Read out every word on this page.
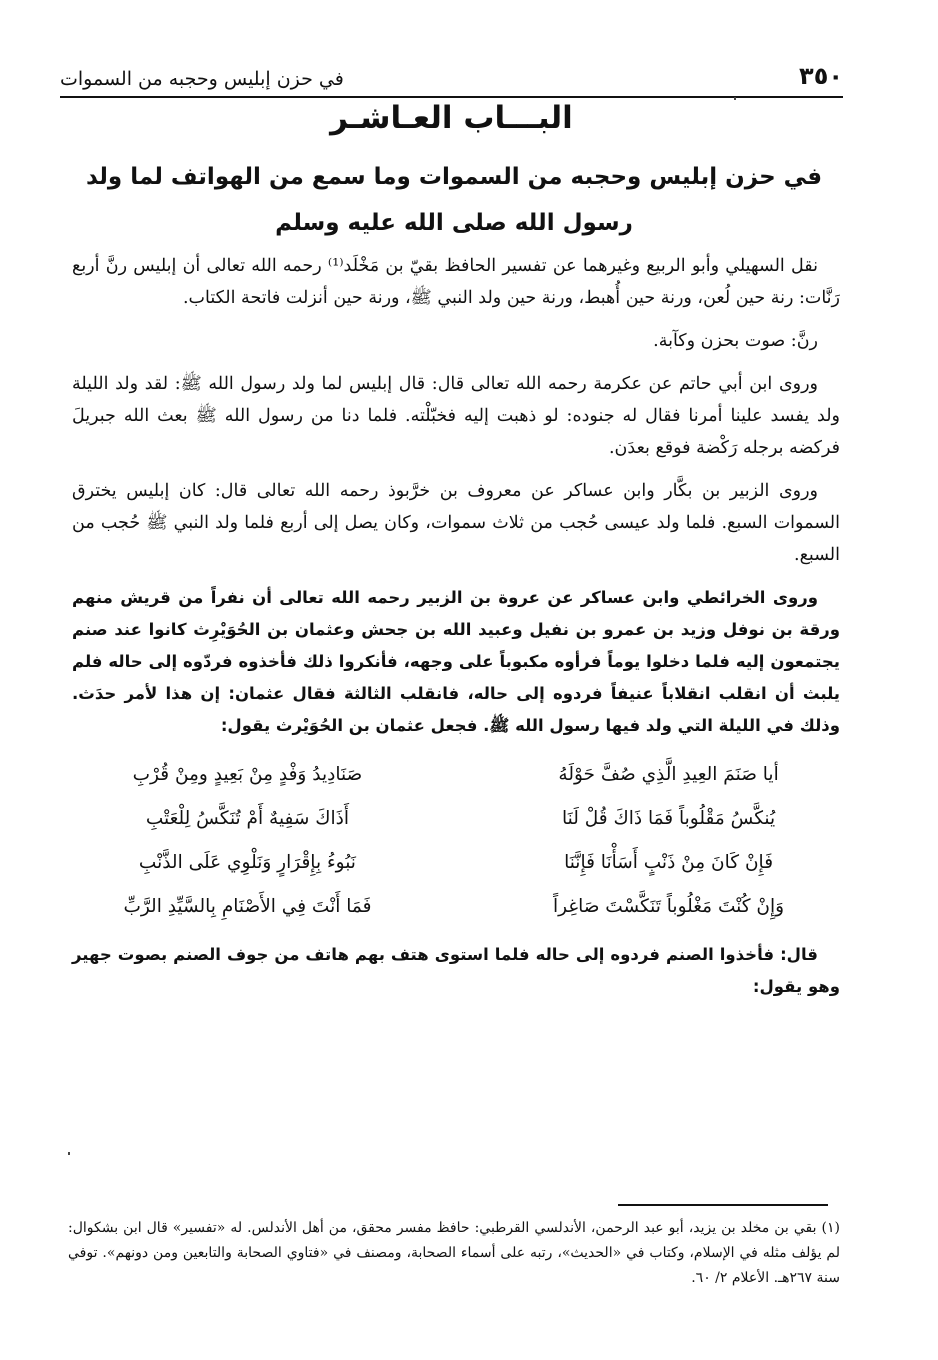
٣٥٠
في حزن إبليس وحجبه من السموات
البـــاب العـاشـر
في حزن إبليس وحجبه من السموات وما سمع من الهواتف لما ولد رسول الله صلى الله عليه وسلم

نقل السهيلي وأبو الربيع وغيرهما عن تفسير الحافظ بقيّ بن مَخْلَد⁽¹⁾ رحمه الله تعالى أن إبليس رنَّ أربع رَنَّات: رنة حين لُعن، ورنة حين أُهبط، ورنة حين ولد النبي ﷺ، ورنة حين أنزلت فاتحة الكتاب.

رنَّ: صوت بحزن وكآبة.

وروى ابن أبي حاتم عن عكرمة رحمه الله تعالى قال: قال إبليس لما ولد رسول الله ﷺ: لقد ولد الليلة ولد يفسد علينا أمرنا فقال له جنوده: لو ذهبت إليه فخبّلْته. فلما دنا من رسول الله ﷺ بعث الله جبريلَ فركضه برجله رَكْضة فوقع بعدَن.

وروى الزبير بن بكَّار وابن عساكر عن معروف بن خرَّبوذ رحمه الله تعالى قال: كان إبليس يخترق السموات السبع. فلما ولد عيسى حُجب من ثلاث سموات، وكان يصل إلى أربع فلما ولد النبي ﷺ حُجب من السبع.

وروى الخرائطي وابن عساكر عن عروة بن الزبير رحمه الله تعالى أن نفراً من قريش منهم ورقة بن نوفل وزيد بن عمرو بن نفيل وعبيد الله بن جحش وعثمان بن الحُوَيْرِث كانوا عند صنم يجتمعون إليه فلما دخلوا يوماً فرأوه مكبوباً على وجهه، فأنكروا ذلك فأخذوه فردّوه إلى حاله فلم يلبث أن انقلب انقلاباً عنيفاً فردوه إلى حاله، فانقلب الثالثة فقال عثمان: إن هذا لأمر حدَث. وذلك في الليلة التي ولد فيها رسول الله ﷺ. فجعل عثمان بن الحُوَيْرث يقول:

أيا صَنَمَ العِيدِ الَّذِي صُفَّ حَوْلَهُ
صَنَادِيدُ وَفْدٍ مِنْ بَعِيدٍ ومِنْ قُرْبِ
يُنكَّسُ مَقْلُوباً فَمَا ذَاكَ قُلْ لَنَا
أَذَاكَ سَفِيهٌ أَمْ تُنَكَّسُ لِلْعَتْبِ
فَإِنْ كَانَ مِنْ ذَنْبٍ أَسَأْنَا فَإِنَّنَا
نَبُوءُ بِإِقْرَارٍ وَنَلْوِي عَلَى الذَّنْبِ
وَإِنْ كُنْتَ مَغْلُوباً تَنَكَّسْتَ صَاغِراً
فَمَا أَنْتَ فِي الأَصْنَامِ بِالسَّيِّدِ الرَّبِّ

قال: فأخذوا الصنم فردوه إلى حاله فلما استوى هتف بهم هاتف من جوف الصنم بصوت جهير وهو يقول:

(١) بقي بن مخلد بن يزيد، أبو عبد الرحمن، الأندلسي القرطبي: حافظ مفسر محقق، من أهل الأندلس. له «تفسير» قال ابن بشكوال: لم يؤلف مثله في الإسلام، وكتاب في «الحديث»، رتبه على أسماء الصحابة، ومصنف في «فتاوي الصحابة والتابعين ومن دونهم». توفي سنة ٢٦٧هـ. الأعلام ٢/ ٦٠.
